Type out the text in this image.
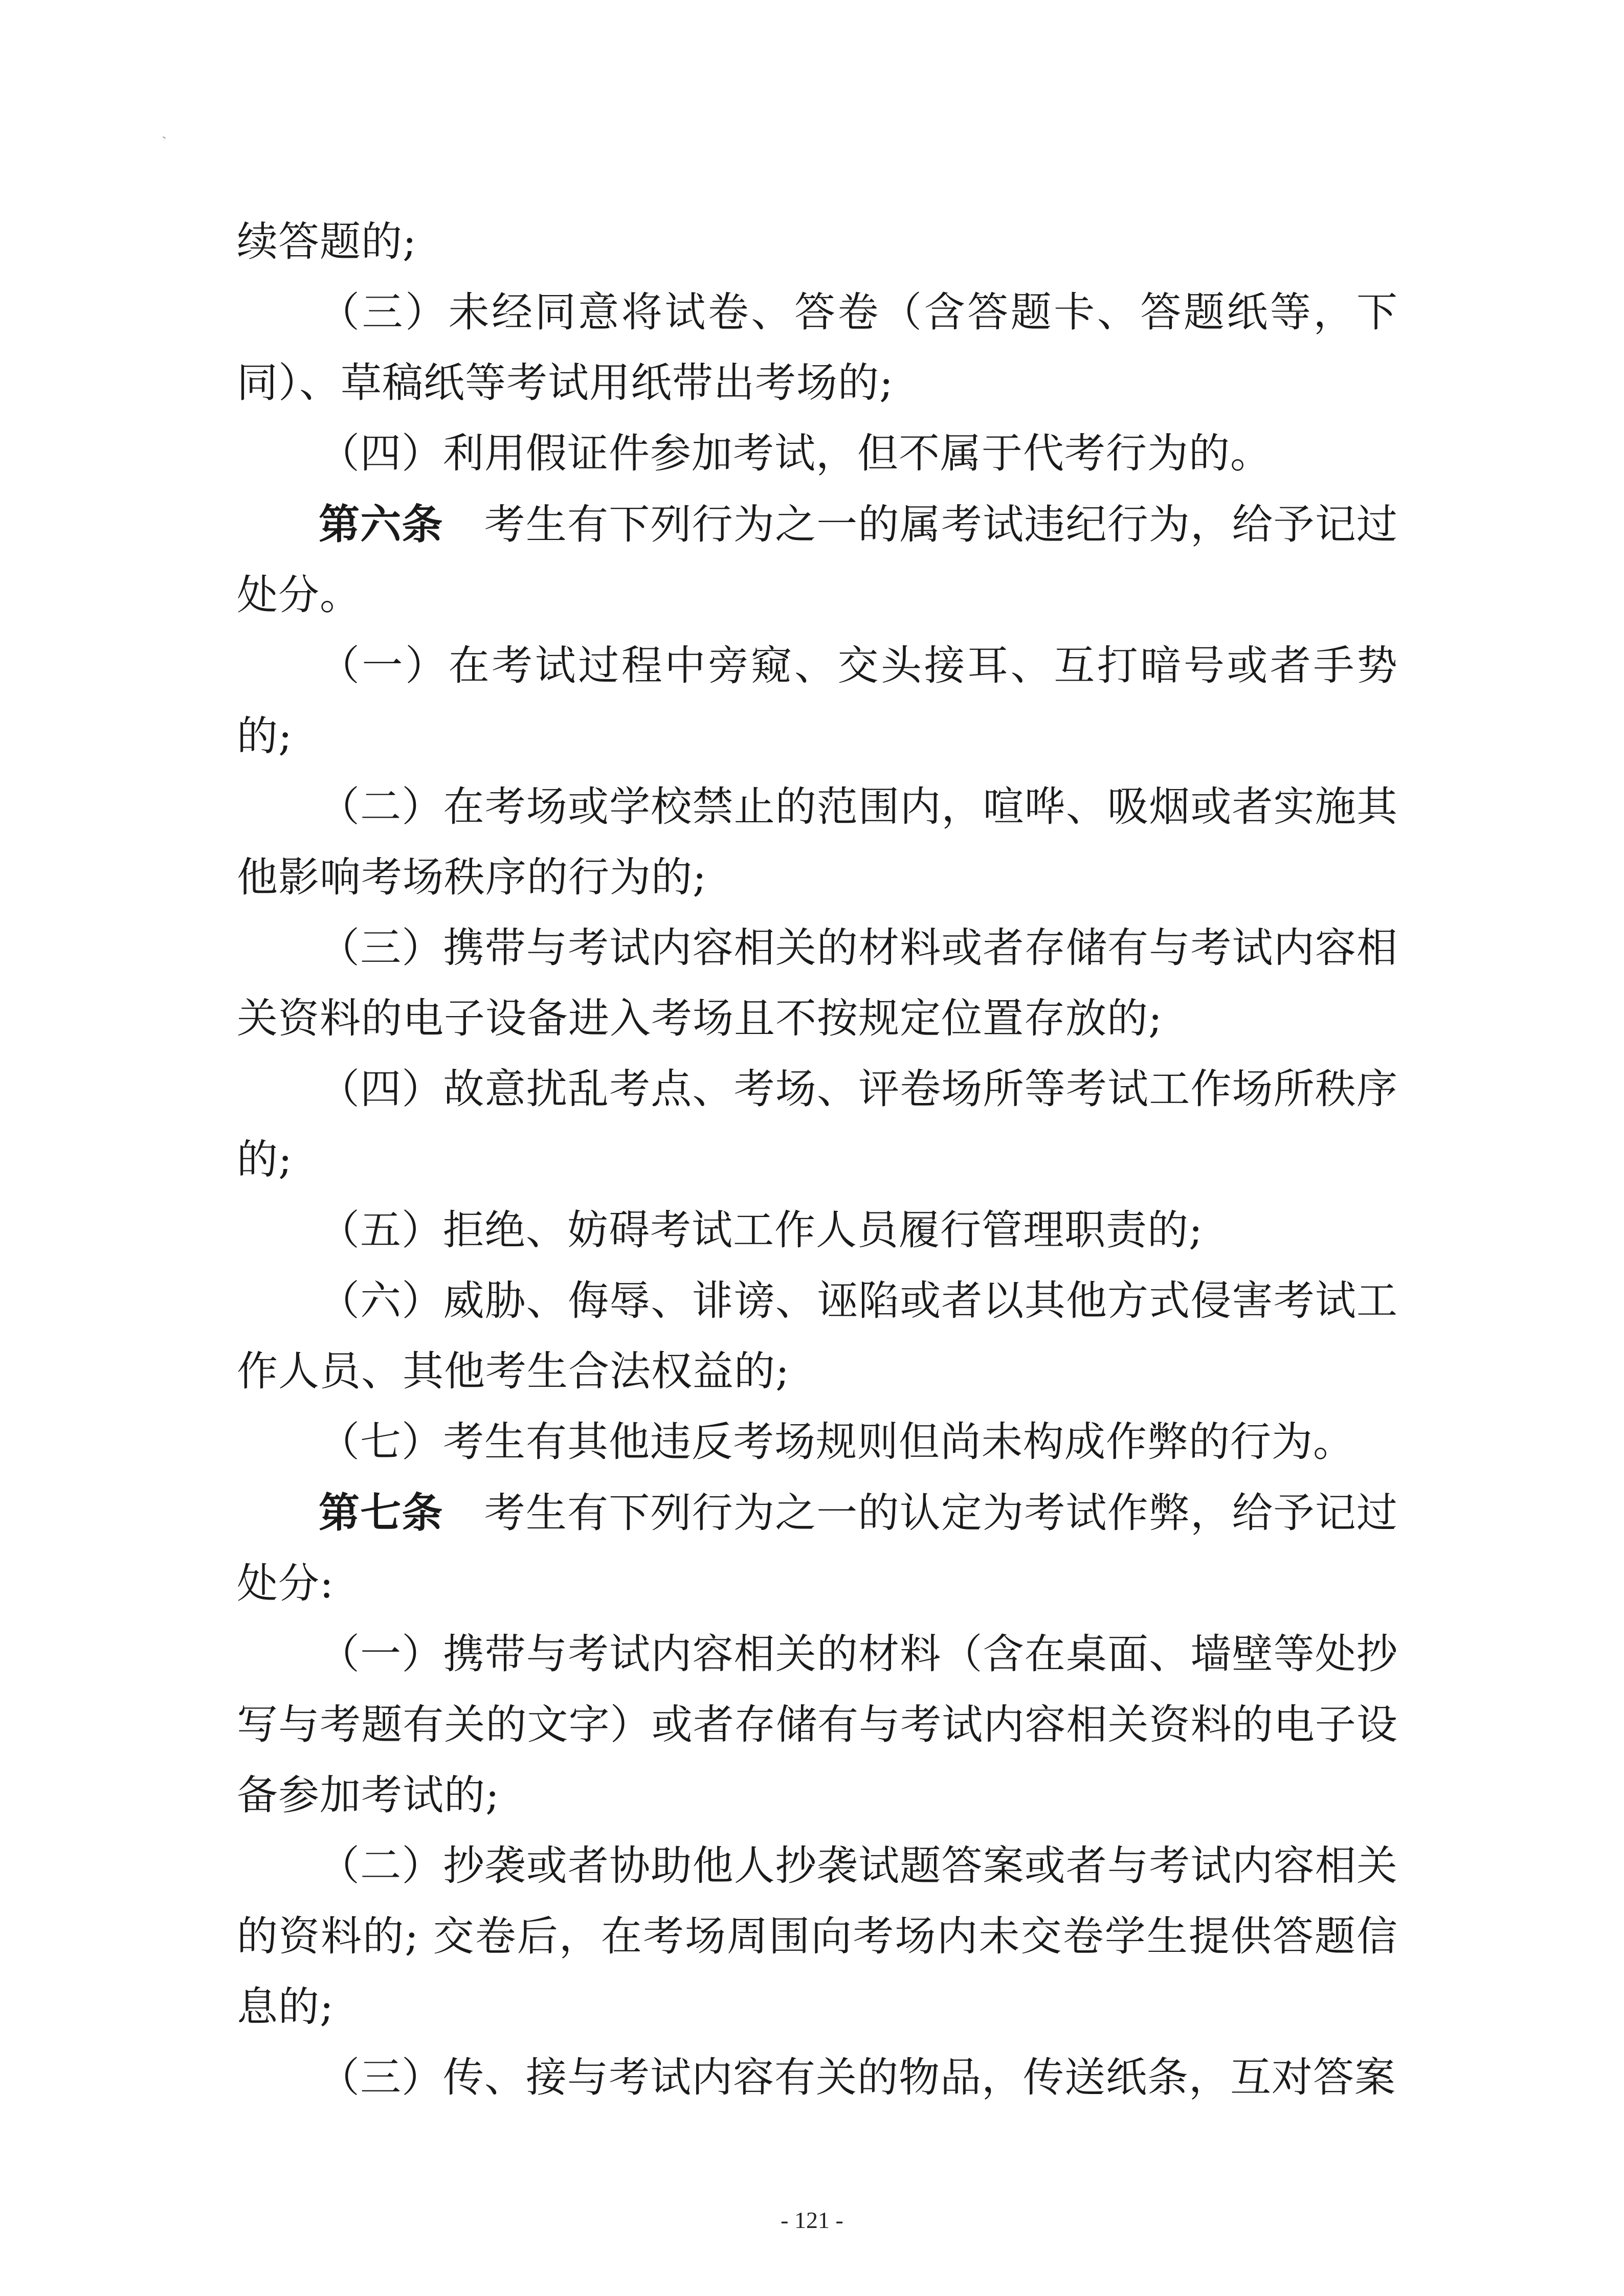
续答题的;

（三）未经同意将试卷、答卷（含答题卡、答题纸等，下同）、草稿纸等考试用纸带出考场的;

（四）利用假证件参加考试，但不属于代考行为的。

第六条 考生有下列行为之一的属考试违纪行为，给予记过处分。

（一）在考试过程中旁窥、交头接耳、互打暗号或者手势的;

（二）在考场或学校禁止的范围内，喧哗、吸烟或者实施其他影响考场秩序的行为的;

（三）携带与考试内容相关的材料或者存储有与考试内容相关资料的电子设备进入考场且不按规定位置存放的;

（四）故意扰乱考点、考场、评卷场所等考试工作场所秩序的;

（五）拒绝、妨碍考试工作人员履行管理职责的;

（六）威胁、侮辱、诽谤、诬陷或者以其他方式侵害考试工作人员、其他考生合法权益的;

（七）考生有其他违反考场规则但尚未构成作弊的行为。

第七条 考生有下列行为之一的认定为考试作弊，给予记过处分:

（一）携带与考试内容相关的材料（含在桌面、墙壁等处抄写与考题有关的文字）或者存储有与考试内容相关资料的电子设备参加考试的;

（二）抄袭或者协助他人抄袭试题答案或者与考试内容相关的资料的; 交卷后，在考场周围向考场内未交卷学生提供答题信息的;

（三）传、接与考试内容有关的物品，传送纸条，互对答案

- 121 -
